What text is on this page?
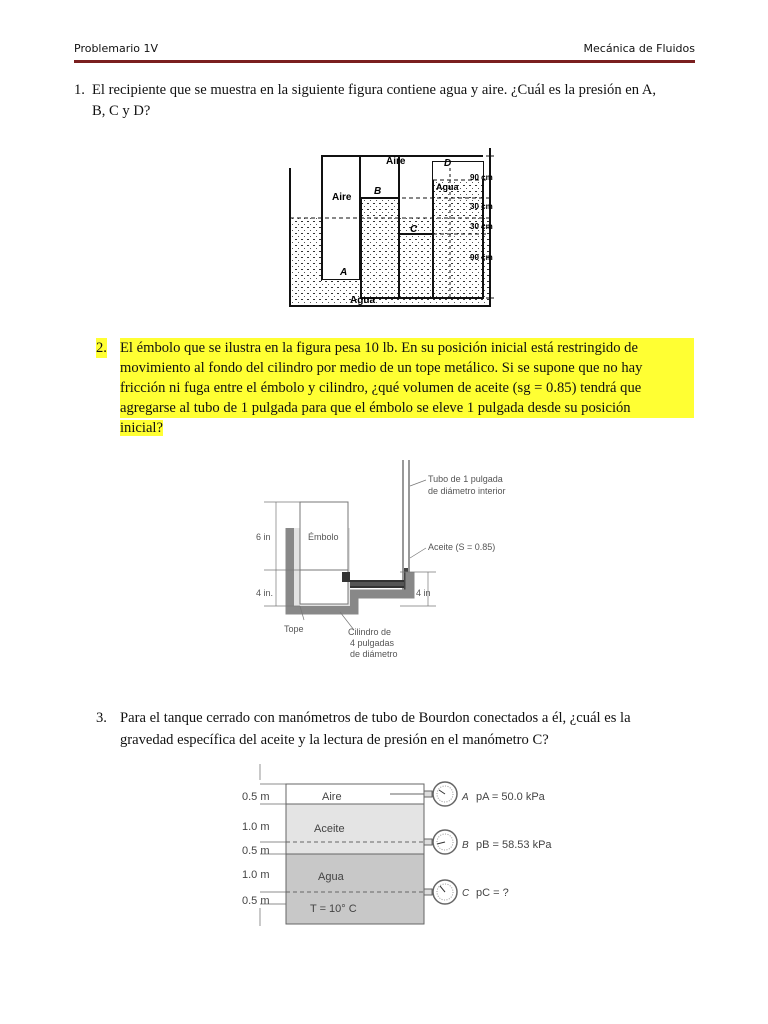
Problemario 1V	Mecánica de Fluidos
1. El recipiente que se muestra en la siguiente figura contiene agua y aire. ¿Cuál es la presión en A,
B, C y D?
Aire
Aire
Agua
Agua
A
B
C
D
90 cm
30 cm
30 cm
90 cm
2. El émbolo que se ilustra en la figura pesa 10 lb. En su posición inicial está restringido de
movimiento al fondo del cilindro por medio de un tope metálico. Si se supone que no hay
fricción ni fuga entre el émbolo y cilindro, ¿qué volumen de aceite (sg = 0.85) tendrá que
agregarse al tubo de 1 pulgada para que el émbolo se eleve 1 pulgada desde su posición
inicial?
Tubo de 1 pulgada
de diámetro interior
Émbolo
Aceite (S = 0.85)
6 in
4 in.	4 in
Tope	Cilindro de
4 pulgadas
de diámetro
3. Para el tanque cerrado con manómetros de tubo de Bourdon conectados a él, ¿cuál es la
gravedad específica del aceite y la lectura de presión en el manómetro C?
0.5 m
1.0 m
0.5 m
1.0 m
0.5 m
Aire
Aceite
Agua
T = 10° C
A
B
C
pA = 50.0 kPa
pB = 58.53 kPa
pC = ?
